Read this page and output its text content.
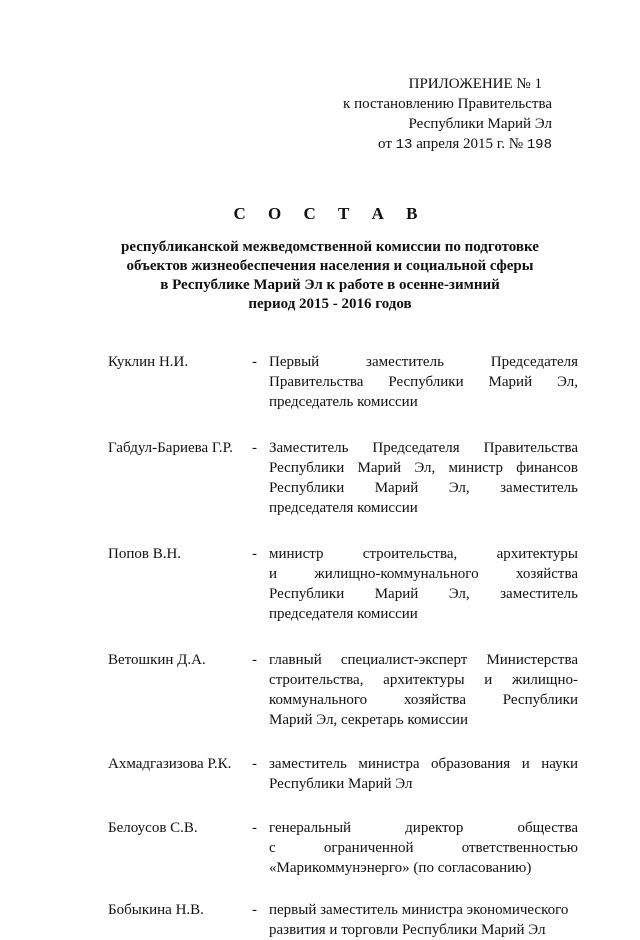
ПРИЛОЖЕНИЕ № 1
к постановлению Правительства
Республики Марий Эл
от 13 апреля 2015 г. № 198
С О С Т А В
республиканской межведомственной комиссии по подготовке
объектов жизнеобеспечения населения и социальной сферы
в Республике Марий Эл к работе в осенне-зимний
период 2015 - 2016 годов
Куклин Н.И.	- Первый заместитель Председателя
Правительства Республики Марий Эл,
председатель комиссии
Габдул-Бариева Г.Р. - Заместитель Председателя Правительства
Республики Марий Эл, министр финансов
Республики Марий Эл, заместитель
председателя комиссии
Попов В.Н.	- министр строительства, архитектуры
и жилищно-коммунального хозяйства
Республики Марий Эл, заместитель
председателя комиссии
Ветошкин Д.А.	- главный специалист-эксперт Министерства
строительства, архитектуры и жилищно-
коммунального хозяйства Республики
Марий Эл, секретарь комиссии
Ахмадгазизова Р.К. - заместитель министра образования и науки
Республики Марий Эл
Белоусов С.В.	- генеральный директор общества
с ограниченной ответственностью
«Марикоммунэнерго» (по согласованию)
Бобыкина Н.В.	- первый заместитель министра экономического
развития и торговли Республики Марий Эл
